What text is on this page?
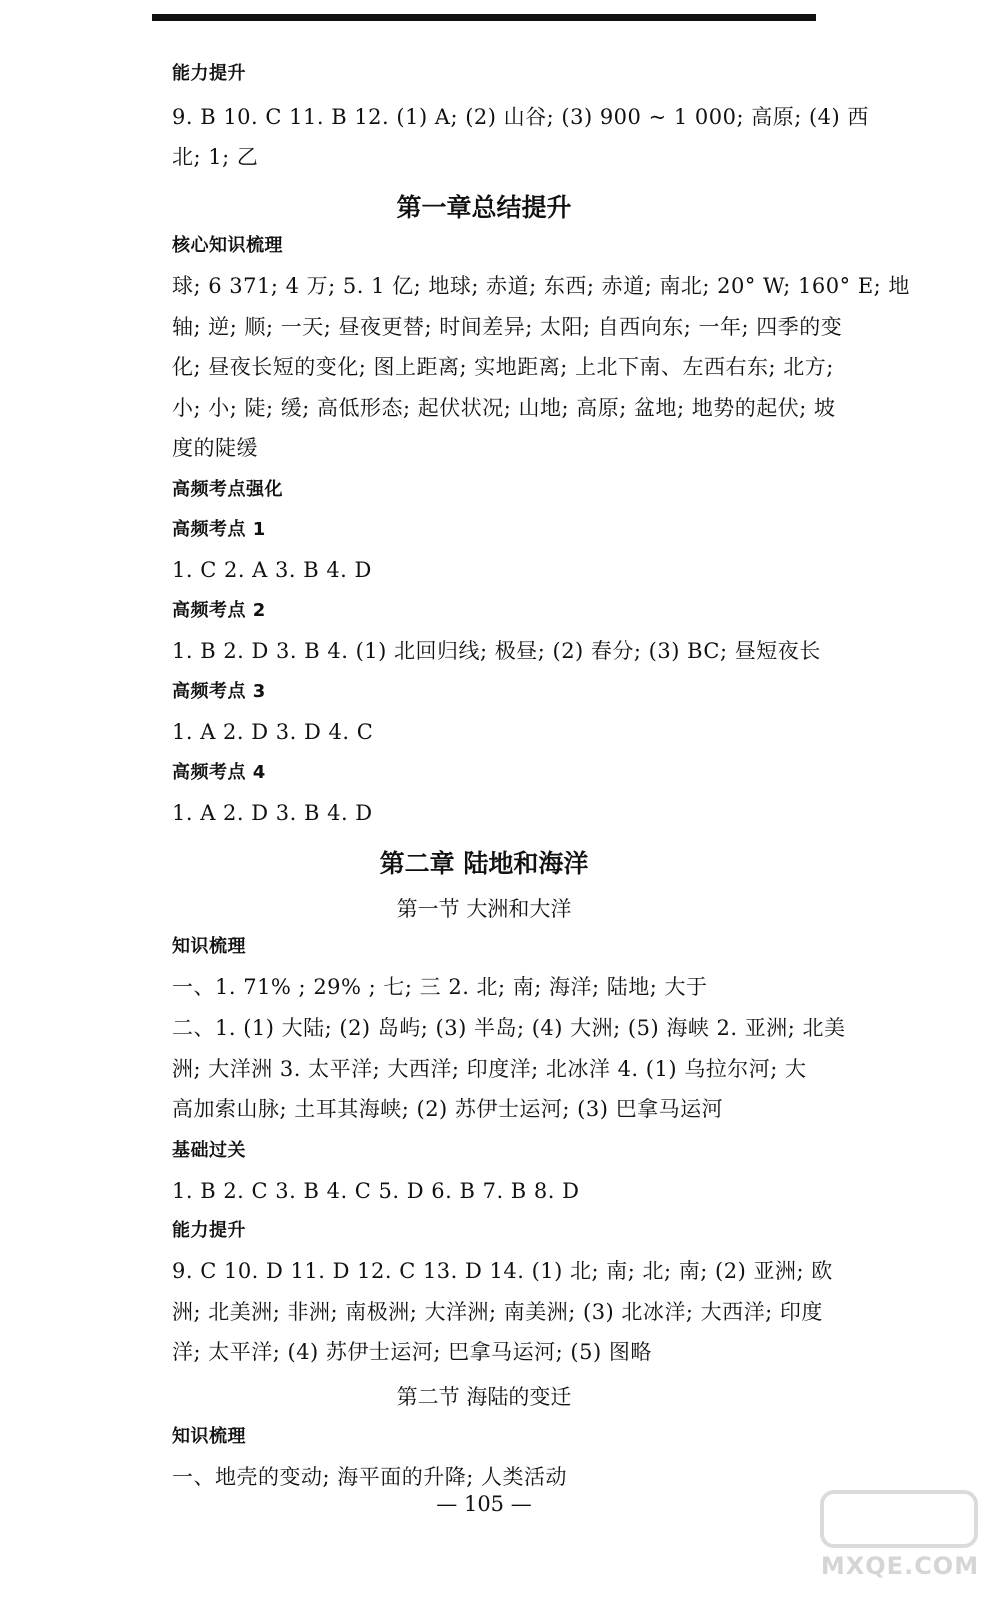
能力提升
9. B 10. C 11. B 12. (1) A; (2) 山谷; (3) 900 ~ 1 000; 高原; (4) 西
北; 1; 乙
第一章总结提升
核心知识梳理
球; 6 371; 4 万; 5. 1 亿; 地球; 赤道; 东西; 赤道; 南北; 20° W; 160° E; 地
轴; 逆; 顺; 一天; 昼夜更替; 时间差异; 太阳; 自西向东; 一年; 四季的变
化; 昼夜长短的变化; 图上距离; 实地距离; 上北下南、左西右东; 北方;
小; 小; 陡; 缓; 高低形态; 起伏状况; 山地; 高原; 盆地; 地势的起伏; 坡
度的陡缓
高频考点强化
高频考点 1
1. C 2. A 3. B 4. D
高频考点 2
1. B 2. D 3. B 4. (1) 北回归线; 极昼; (2) 春分; (3) BC; 昼短夜长
高频考点 3
1. A 2. D 3. D 4. C
高频考点 4
1. A 2. D 3. B 4. D
第二章 陆地和海洋
第一节 大洲和大洋
知识梳理
一、1. 71% ; 29% ; 七; 三 2. 北; 南; 海洋; 陆地; 大于
二、1. (1) 大陆; (2) 岛屿; (3) 半岛; (4) 大洲; (5) 海峡 2. 亚洲; 北美
洲; 大洋洲 3. 太平洋; 大西洋; 印度洋; 北冰洋 4. (1) 乌拉尔河; 大
高加索山脉; 土耳其海峡; (2) 苏伊士运河; (3) 巴拿马运河
基础过关
1. B 2. C 3. B 4. C 5. D 6. B 7. B 8. D
能力提升
9. C 10. D 11. D 12. C 13. D 14. (1) 北; 南; 北; 南; (2) 亚洲; 欧
洲; 北美洲; 非洲; 南极洲; 大洋洲; 南美洲; (3) 北冰洋; 大西洋; 印度
洋; 太平洋; (4) 苏伊士运河; 巴拿马运河; (5) 图略
第二节 海陆的变迁
知识梳理
一、地壳的变动; 海平面的升降; 人类活动
— 105 —
MXQE.COM
